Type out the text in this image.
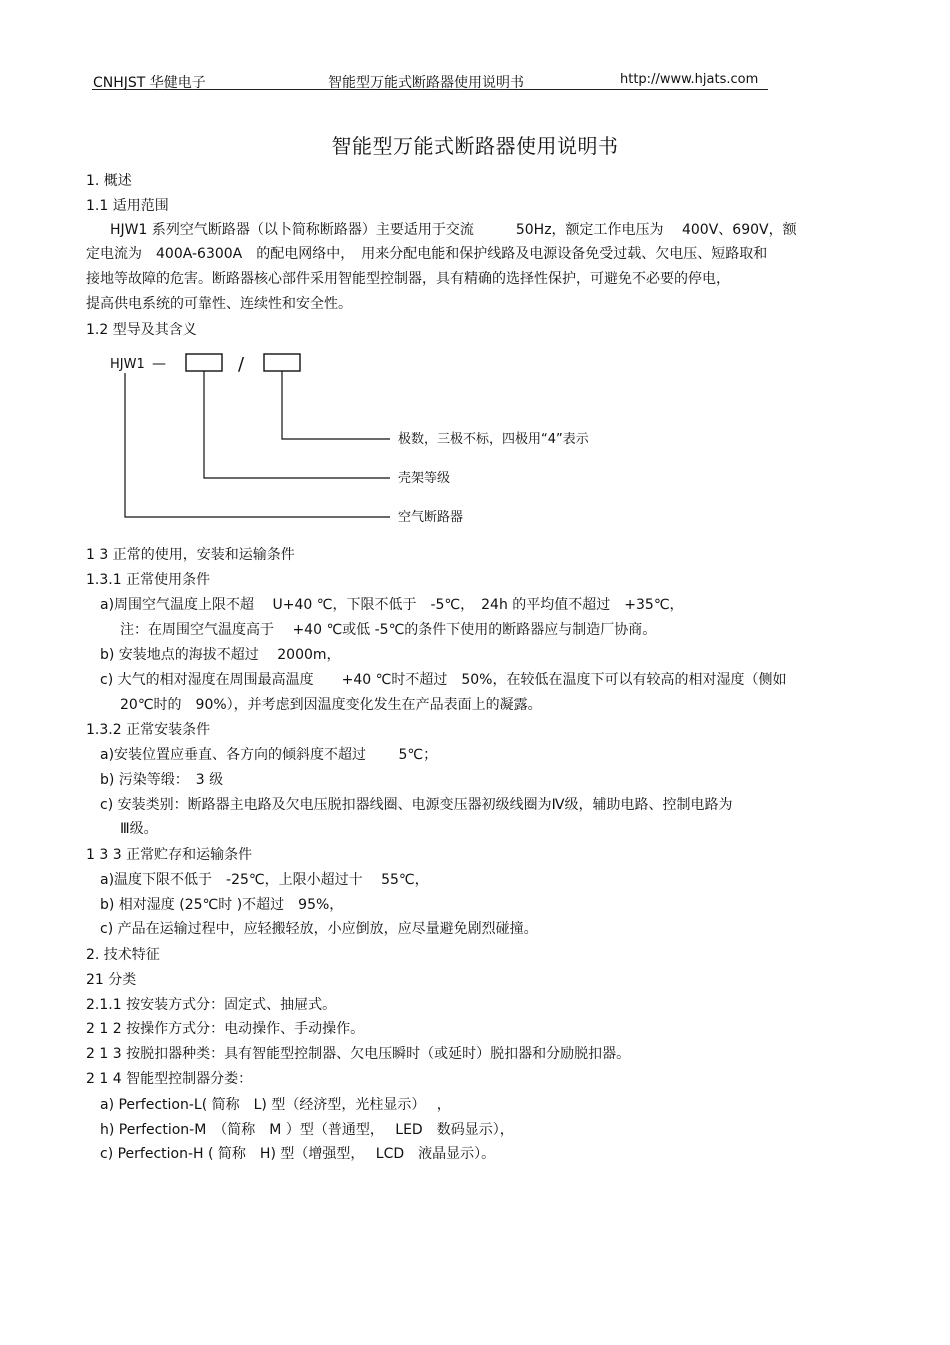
CNHJST 华健电子	智能型万能式断路器使用说明书	http://www.hjats.com
智能型万能式断路器使用说明书
1. 概述
1.1 适用范围
HJW1 系列空气断路器（以卜简称断路器）主要适用于交流　　　50Hz，额定工作电压为　 400V、690V，额
定电流为　400A-6300A　的配电网络中，　用来分配电能和保护线路及电源设备免受过载、欠电压、短路取和
接地等故障的危害。断路器核心部件采用智能型控制器，具有精确的选择性保护，可避免不必要的停电，
提高供电系统的可靠性、连续性和安全性。
1.2 型导及其含义
HJW1 —	/
极数，三极不标，四极用“4”表示
壳架等级
空气断路器
1 3 正常的使用，安装和运输条件
1.3.1 正常使用条件
a)周围空气温度上限不超　 U+40 ℃，下限不低于　-5℃，　24h 的平均值不超过　+35℃，
注：在周围空气温度高于　 +40 ℃或低 -5℃的条件下使用的断路器应与制造厂协商。
b) 安装地点的海拔不超过　 2000m，
c) 大气的相对湿度在周围最高温度　　+40 ℃时不超过　50%，在较低在温度下可以有较高的相对湿度（侧如
20℃时的　90%），并考虑到因温度变化发生在产品表面上的凝露。
1.3.2 正常安装条件
a)安装位置应垂直、各方向的倾斜度不超过　　 5℃；
b) 污染等缎：　3 级
c) 安装类别：断路器主电路及欠电压脱扣器线圈、电源变压器初级线圈为Ⅳ级，辅助电路、控制电路为
Ⅲ级。
1 3 3 正常贮存和运输条件
a)温度下限不低于　-25℃，上限小超过十　 55℃，
b) 相对湿度 (25℃时 )不超过　95%，
c) 产品在运输过程中，应轻搬轻放，小应倒放，应尽量避免剧烈碰撞。
2. 技术特征
21 分类
2.1.1 按安装方式分：固定式、抽屉式。
2 1 2 按操作方式分：电动操作、手动操作。
2 1 3 按脱扣器种类：具有智能型控制器、欠电压瞬时（或延时）脱扣器和分励脱扣器。
2 1 4 智能型控制器分娄：
a) Perfection-L( 简称　L) 型（经济型，光柱显示）　 ，
h) Perfection-M　（简称　M ）型（普通型，　 LED　数码显示），
c) Perfection-H ( 简称　H) 型（增强型，　 LCD　液晶显示）。
